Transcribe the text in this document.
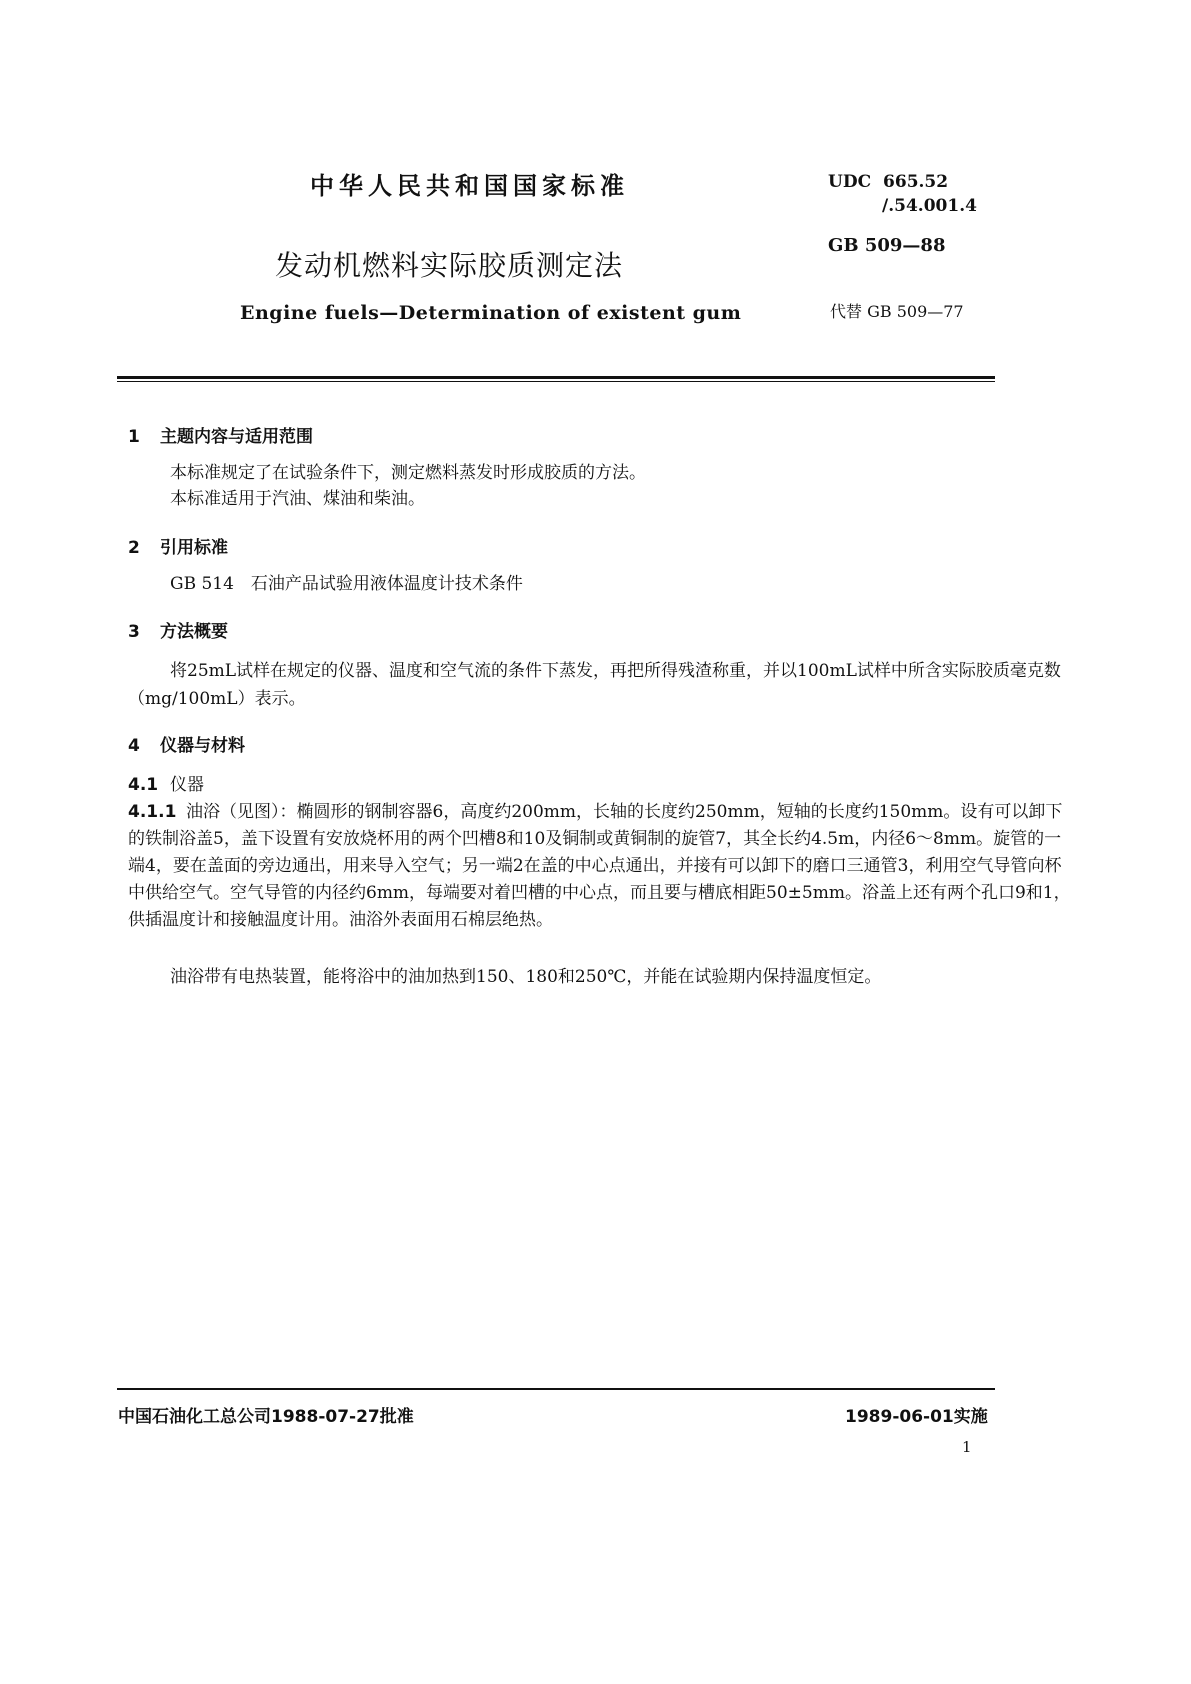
中华人民共和国国家标准	UDC 665.52
/.54.001.4
GB 509—88
发动机燃料实际胶质测定法
Engine fuels—Determination of existent gum	代替 GB 509—77
1 主题内容与适用范围
本标准规定了在试验条件下，测定燃料蒸发时形成胶质的方法。
本标准适用于汽油、煤油和柴油。
2 引用标准
GB 514　石油产品试验用液体温度计技术条件
3 方法概要
将25mL试样在规定的仪器、温度和空气流的条件下蒸发，再把所得残渣称重，并以100mL试样中所含实际胶质毫克数（mg/100mL）表示。
4 仪器与材料
4.1 仪器
4.1.1 油浴（见图）：椭圆形的钢制容器6，高度约200mm，长轴的长度约250mm，短轴的长度约150mm。设有可以卸下的铁制浴盖5，盖下设置有安放烧杯用的两个凹槽8和10及铜制或黄铜制的旋管7，其全长约4.5m，内径6～8mm。旋管的一端4，要在盖面的旁边通出，用来导入空气；另一端2在盖的中心点通出，并接有可以卸下的磨口三通管3，利用空气导管向杯中供给空气。空气导管的内径约6mm，每端要对着凹槽的中心点，而且要与槽底相距50±5mm。浴盖上还有两个孔口9和1，供插温度计和接触温度计用。油浴外表面用石棉层绝热。
油浴带有电热装置，能将浴中的油加热到150、180和250℃，并能在试验期内保持温度恒定。
中国石油化工总公司1988-07-27批准	1989-06-01实施
1
